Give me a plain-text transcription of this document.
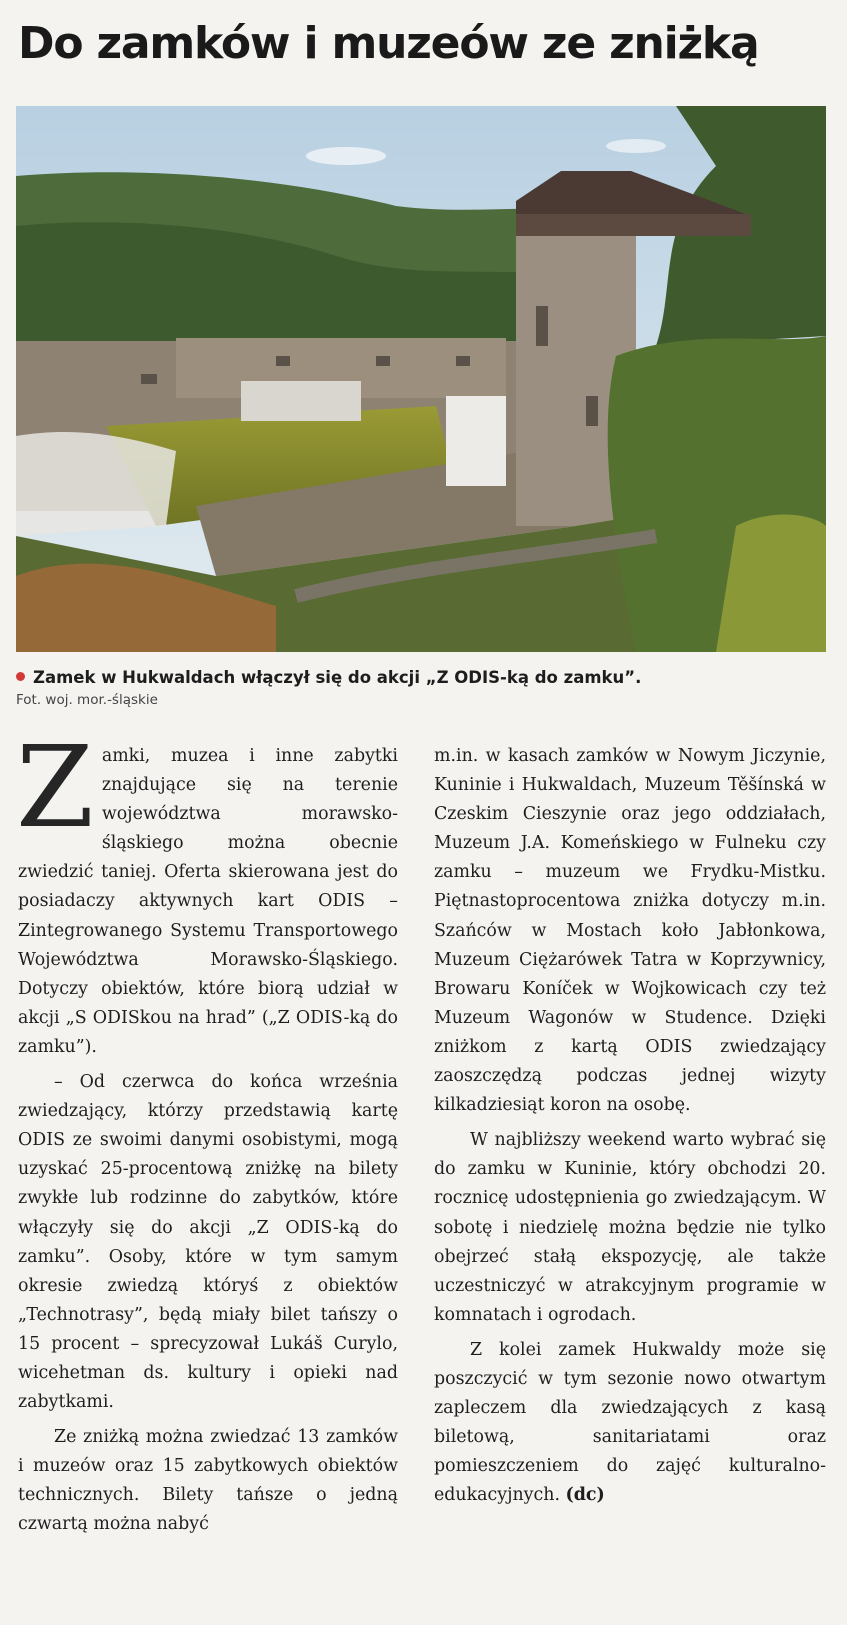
Do zamków i muzeów ze zniżką
Zamek w Hukwaldach włączył się do akcji „Z ODIS-ką do zamku”.
Fot. woj. mor.-śląskie

Zamki, muzea i inne zabytki znajdujące się na terenie województwa morawsko-śląskiego można obecnie zwiedzić taniej. Oferta skierowana jest do posiadaczy aktywnych kart ODIS – Zintegrowanego Systemu Transportowego Województwa Morawsko-Śląskiego. Dotyczy obiektów, które biorą udział w akcji „S ODISkou na hrad” („Z ODIS-ką do zamku”).

– Od czerwca do końca września zwiedzający, którzy przedstawią kartę ODIS ze swoimi danymi osobistymi, mogą uzyskać 25-procentową zniżkę na bilety zwykłe lub rodzinne do zabytków, które włączyły się do akcji „Z ODIS-ką do zamku”. Osoby, które w tym samym okresie zwiedzą któryś z obiektów „Technotrasy”, będą miały bilet tańszy o 15 procent – sprecyzował Lukáš Curylo, wicehetman ds. kultury i opieki nad zabytkami.

Ze zniżką można zwiedzać 13 zamków i muzeów oraz 15 zabytkowych obiektów technicznych. Bilety tańsze o jedną czwartą można nabyć

m.in. w kasach zamków w Nowym Jiczynie, Kuninie i Hukwaldach, Muzeum Těšínská w Czeskim Cieszynie oraz jego oddziałach, Muzeum J.A. Komeńskiego w Fulneku czy zamku – muzeum we Frydku-Mistku. Piętnastoprocentowa zniżka dotyczy m.in. Szańców w Mostach koło Jabłonkowa, Muzeum Ciężarówek Tatra w Koprzywnicy, Browaru Koníček w Wojkowicach czy też Muzeum Wagonów w Studence. Dzięki zniżkom z kartą ODIS zwiedzający zaoszczędzą podczas jednej wizyty kilkadziesiąt koron na osobę.

W najbliższy weekend warto wybrać się do zamku w Kuninie, który obchodzi 20. rocznicę udostępnienia go zwiedzającym. W sobotę i niedzielę można będzie nie tylko obejrzeć stałą ekspozycję, ale także uczestniczyć w atrakcyjnym programie w komnatach i ogrodach.

Z kolei zamek Hukwaldy może się poszczycić w tym sezonie nowo otwartym zapleczem dla zwiedzających z kasą biletową, sanitariatami oraz pomieszczeniem do zajęć kulturalno-edukacyjnych. (dc)
